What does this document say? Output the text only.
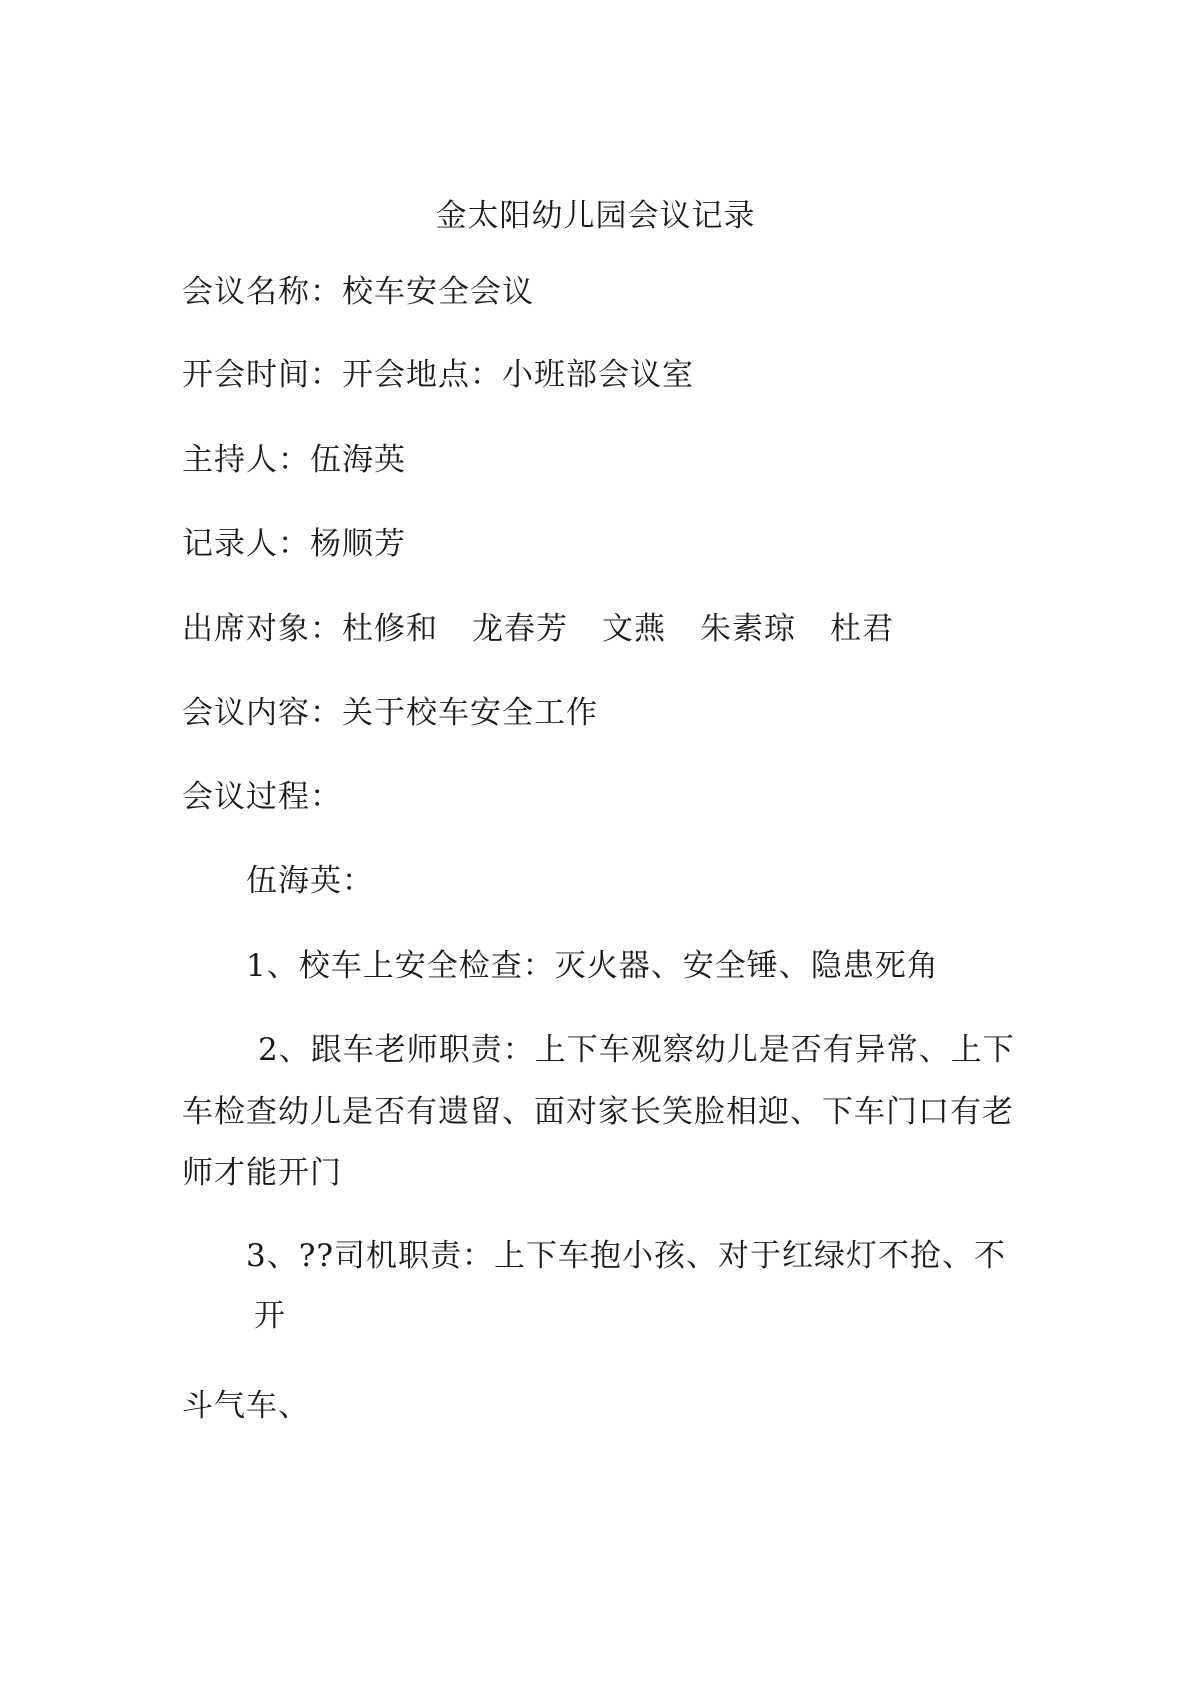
金太阳幼儿园会议记录
会议名称：校车安全会议
开会时间：开会地点：小班部会议室
主持人：伍海英
记录人：杨顺芳
出席对象：杜修和 龙春芳 文燕 朱素琼 杜君
会议内容：关于校车安全工作
会议过程：
伍海英：
1、校车上安全检查：灭火器、安全锤、隐患死角
2、跟车老师职责：上下车观察幼儿是否有异常、上下
车检查幼儿是否有遗留、面对家长笑脸相迎、下车门口有老
师才能开门
3、??司机职责：上下车抱小孩、对于红绿灯不抢、不
开
斗气车、
